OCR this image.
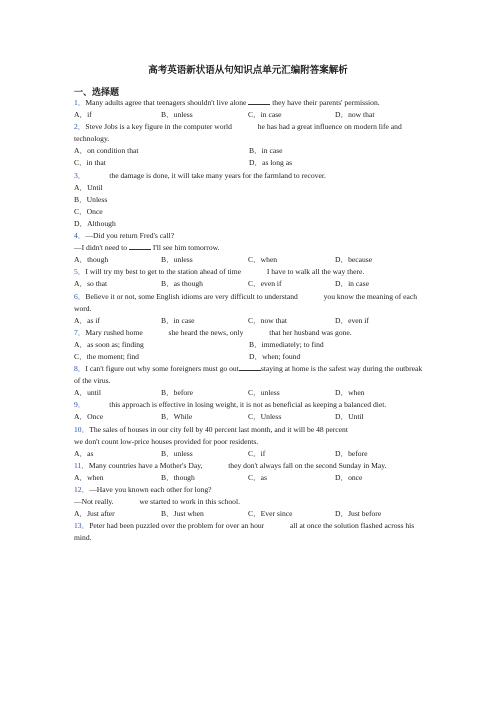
高考英语新状语从句知识点单元汇编附答案解析
一、选择题

1．Many adults agree that teenagers shouldn't live alone	they have their parents' permission.

A．if	B．unless	C．in case	D．now that

2．Steve Jobs is a key figure in the computer world	he has had a great influence on modern life and technology.

A．on condition that	B．in case
C．in that	D．as long as

3．	the damage is done, it will take many years for the farmland to recover.

A．Until
B．Unless
C．Once
D．Although

4．—Did you return Fred's call?

—I didn't need to	I'll see him tomorrow.

A．though	B．unless	C．when	D．because

5．I will try my best to get to the station ahead of time	I have to walk all the way there.

A．so that	B．as though	C．even if	D．in case

6．Believe it or not, some English idioms are very difficult to understand	you know the meaning of each word.

A．as if	B．in case	C．now that	D．even if

7．Mary rushed home	she heard the news, only	that her husband was gone.

A．as soon as; finding	B．immediately; to find
C．the moment; find	D．when; found

8．I can't figure out why some foreigners must go out	staying at home is the safest way during the outbreak of the virus.

A．until	B．before	C．unless	D．when

9．	this approach is effective in losing weight, it is not as beneficial as keeping a balanced diet.

A．Once	B．While	C．Unless	D．Until

10．The sales of houses in our city fell by 40 percent last month, and it will be 48 percent

we don't count low-price houses provided for poor residents.

A．as	B．unless	C．if	D．before

11．Many countries have a Mother's Day,	they don't always fall on the second Sunday in May.

A．when	B．though	C．as	D．once

12．—Have you known each other for long?

—Not really.	we started to work in this school.

A．Just after	B．Just when	C．Ever since	D．Just before

13．Peter had been puzzled over the problem for over an hour	all at once the solution flashed across his mind.
